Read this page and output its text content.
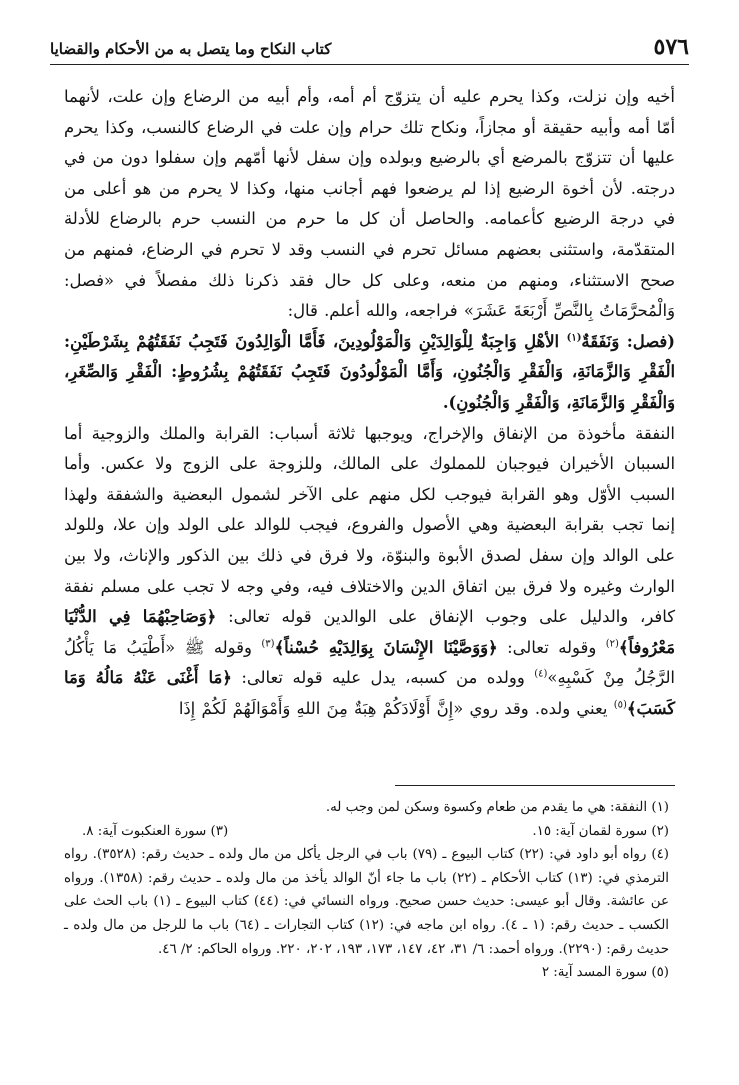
٥٧٦
كتاب النكاح وما يتصل به من الأحكام والقضايا

أخيه وإن نزلت، وكذا يحرم عليه أن يتزوّج أم أمه، وأم أبيه من الرضاع وإن علت، لأنهما أمّا أمه وأبيه حقيقة أو مجازاً، ونكاح تلك حرام وإن علت في الرضاع كالنسب، وكذا يحرم عليها أن تتزوّج بالمرضع أي بالرضيع وبولده وإن سفل لأنها أمّهم وإن سفلوا دون من في درجته. لأن أخوة الرضيع إذا لم يرضعوا فهم أجانب منها، وكذا لا يحرم من هو أعلى من في درجة الرضيع كأعمامه. والحاصل أن كل ما حرم من النسب حرم بالرضاع للأدلة المتقدّمة، واستثنى بعضهم مسائل تحرم في النسب وقد لا تحرم في الرضاع، فمنهم من صحح الاستثناء، ومنهم من منعه، وعلى كل حال فقد ذكرنا ذلك مفصلاً في «فصل: وَالْمُحرَّمَاتُ بِالنَّصِّ أَرْبَعَةَ عَشَرَ» فراجعه، والله أعلم. قال:

(فصل: وَنَفَقَةٌ$^{(١)}$ الأهْلِ وَاجِبَةٌ لِلْوَالِدَيْنِ وَالْمَوْلُودِينَ، فَأَمَّا الْوَالِدُونَ فَتَجِبُ نَفَقَتُهُمْ بِشَرْطَيْنِ: الْفَقْرِ وَالزَّمَانَةِ، وَالْفَقْرِ وَالْجُنُونِ، وَأَمَّا الْمَوْلُودُونَ فَتَجِبُ نَفَقَتُهُمْ بِشُرُوطٍ: الْفَقْرِ وَالصِّغَرِ، وَالْفَقْرِ وَالزَّمَانَةِ، وَالْفَقْرِ وَالْجُنُونِ).

النفقة مأخوذة من الإنفاق والإخراج، ويوجبها ثلاثة أسباب: القرابة والملك والزوجية أما السببان الأخيران فيوجبان للمملوك على المالك، وللزوجة على الزوج ولا عكس. وأما السبب الأوّل وهو القرابة فيوجب لكل منهم على الآخر لشمول البعضية والشفقة ولهذا إنما تجب بقرابة البعضية وهي الأصول والفروع، فيجب للوالد على الولد وإن علا، وللولد على الوالد وإن سفل لصدق الأبوة والبنوّة، ولا فرق في ذلك بين الذكور والإناث، ولا بين الوارث وغيره ولا فرق بين اتفاق الدين والاختلاف فيه، وفي وجه لا تجب على مسلم نفقة كافر، والدليل على وجوب الإنفاق على الوالدين قوله تعالى: ﴿وَصَاحِبْهُمَا فِي الدُّنْيَا مَعْرُوفاً﴾$^{(٢)}$ وقوله تعالى: ﴿وَوَصَّيْنَا الإِنْسَانَ بِوَالِدَيْهِ حُسْناً﴾$^{(٣)}$ وقوله ﷺ «أَطْيَبُ مَا يَأْكُلُ الرَّجُلُ مِنْ كَسْبِهِ»$^{(٤)}$ وولده من كسبه، يدل عليه قوله تعالى: ﴿مَا أَغْنَى عَنْهُ مَالُهُ وَمَا كَسَبَ﴾$^{(٥)}$ يعني ولده. وقد روي «إِنَّ أَوْلَادَكُمْ هِبَةٌ مِنَ اللهِ وَأَمْوَالَهُمْ لَكُمْ إِذَا

(١) النفقة: هي ما يقدم من طعام وكسوة وسكن لمن وجب له.
(٢) سورة لقمان آية: ١٥.
(٣) سورة العنكبوت آية: ٨.
(٤) رواه أبو داود في: (٢٢) كتاب البيوع ـ (٧٩) باب في الرجل يأكل من مال ولده ـ حديث رقم: (٣٥٢٨). رواه الترمذي في: (١٣) كتاب الأحكام ـ (٢٢) باب ما جاء أنّ الوالد يأخذ من مال ولده ـ حديث رقم: (١٣٥٨). ورواه عن عائشة. وقال أبو عيسى: حديث حسن صحيح. ورواه النسائي في: (٤٤) كتاب البيوع ـ (١) باب الحث على الكسب ـ حديث رقم: (١ ـ ٤). رواه ابن ماجه في: (١٢) كتاب التجارات ـ (٦٤) باب ما للرجل من مال ولده ـ حديث رقم: (٢٢٩٠). ورواه أحمد: ٦/ ٣١، ٤٢، ١٤٧، ١٧٣، ١٩٣، ٢٠٢، ٢٢٠. ورواه الحاكم: ٢/ ٤٦.
(٥) سورة المسد آية: ٢
